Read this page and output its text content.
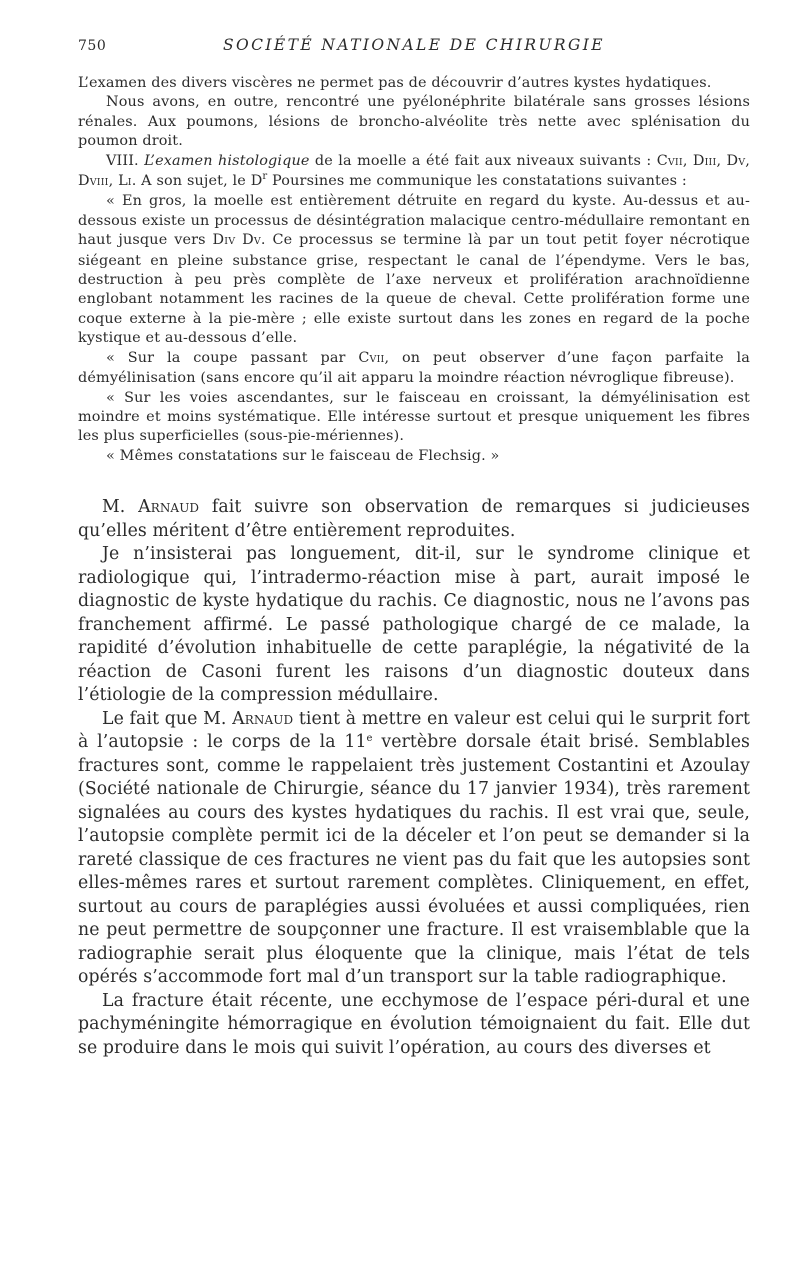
750	SOCIÉTÉ NATIONALE DE CHIRURGIE

L’examen des divers viscères ne permet pas de découvrir d’autres kystes hydatiques.

Nous avons, en outre, rencontré une pyélonéphrite bilatérale sans grosses lésions rénales. Aux poumons, lésions de broncho-alvéolite très nette avec splénisation du poumon droit.

VIII. L’examen histologique de la moelle a été fait aux niveaux suivants : CVII, DIII, DV, DVIII, LI. A son sujet, le $D^r$ Poursines me communique les constatations suivantes :

« En gros, la moelle est entièrement détruite en regard du kyste. Au-dessus et au-dessous existe un processus de désintégration malacique centro-médullaire remontant en haut jusque vers DIV DV. Ce processus se termine là par un tout petit foyer nécrotique siégeant en pleine substance grise, respectant le canal de l’épendyme. Vers le bas, destruction à peu près complète de l’axe nerveux et prolifération arachnoïdienne englobant notamment les racines de la queue de cheval. Cette prolifération forme une coque externe à la pie-mère ; elle existe surtout dans les zones en regard de la poche kystique et au-dessous d’elle.

« Sur la coupe passant par CVII, on peut observer d’une façon parfaite la démyélinisation (sans encore qu’il ait apparu la moindre réaction névroglique fibreuse).

« Sur les voies ascendantes, sur le faisceau en croissant, la démyélinisation est moindre et moins systématique. Elle intéresse surtout et presque uniquement les fibres les plus superficielles (sous-pie-mériennes).

« Mêmes constatations sur le faisceau de Flechsig. »

M. Arnaud fait suivre son observation de remarques si judicieuses qu’elles méritent d’être entièrement reproduites.

Je n’insisterai pas longuement, dit-il, sur le syndrome clinique et radiologique qui, l’intradermo-réaction mise à part, aurait imposé le diagnostic de kyste hydatique du rachis. Ce diagnostic, nous ne l’avons pas franchement affirmé. Le passé pathologique chargé de ce malade, la rapidité d’évolution inhabituelle de cette paraplégie, la négativité de la réaction de Casoni furent les raisons d’un diagnostic douteux dans l’étiologie de la compression médullaire.

Le fait que M. Arnaud tient à mettre en valeur est celui qui le surprit fort à l’autopsie : le corps de la 11e vertèbre dorsale était brisé. Semblables fractures sont, comme le rappelaient très justement Costantini et Azoulay (Société nationale de Chirurgie, séance du 17 janvier 1934), très rarement signalées au cours des kystes hydatiques du rachis. Il est vrai que, seule, l’autopsie complète permit ici de la déceler et l’on peut se demander si la rareté classique de ces fractures ne vient pas du fait que les autopsies sont elles-mêmes rares et surtout rarement complètes. Cliniquement, en effet, surtout au cours de paraplégies aussi évoluées et aussi compliquées, rien ne peut permettre de soupçonner une fracture. Il est vraisemblable que la radiographie serait plus éloquente que la clinique, mais l’état de tels opérés s’accommode fort mal d’un transport sur la table radiographique.

La fracture était récente, une ecchymose de l’espace péri-dural et une pachyméningite hémorragique en évolution témoignaient du fait. Elle dut se produire dans le mois qui suivit l’opération, au cours des diverses et
